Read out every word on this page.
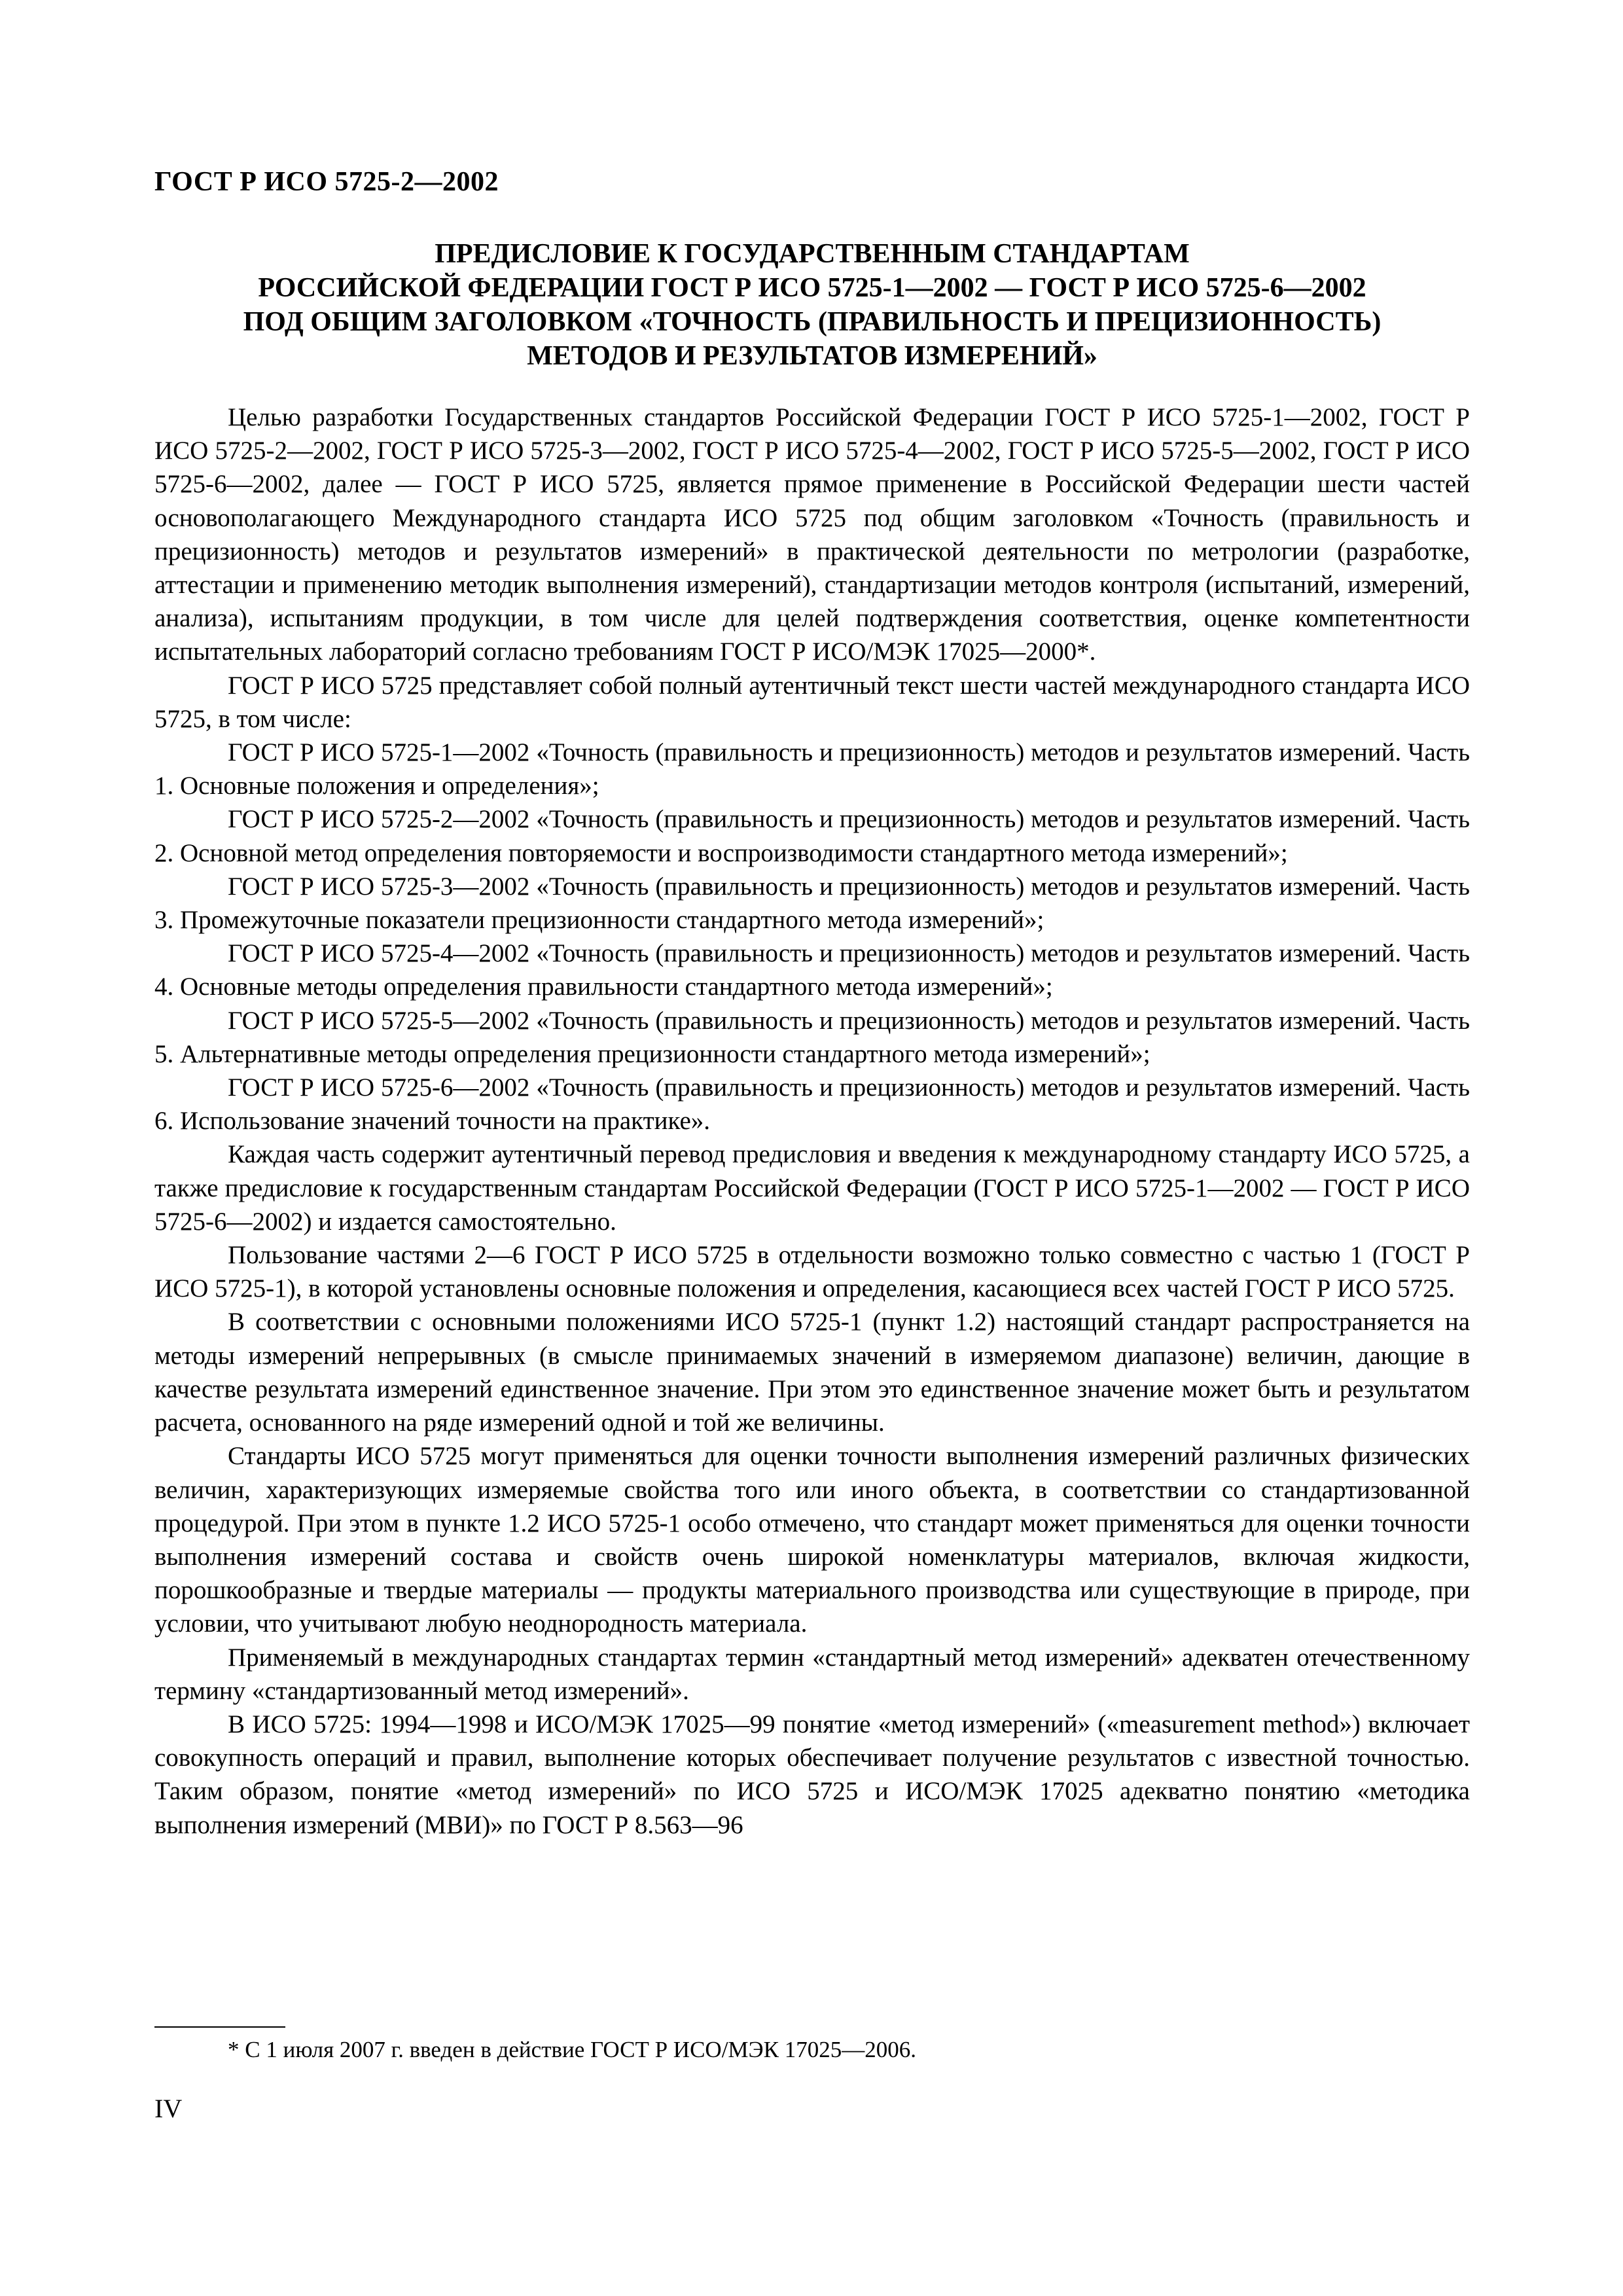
ГОСТ Р ИСО 5725-2—2002

ПРЕДИСЛОВИЕ К ГОСУДАРСТВЕННЫМ СТАНДАРТАМ
РОССИЙСКОЙ ФЕДЕРАЦИИ ГОСТ Р ИСО 5725-1—2002 — ГОСТ Р ИСО 5725-6—2002
ПОД ОБЩИМ ЗАГОЛОВКОМ «ТОЧНОСТЬ (ПРАВИЛЬНОСТЬ И ПРЕЦИЗИОННОСТЬ)
МЕТОДОВ И РЕЗУЛЬТАТОВ ИЗМЕРЕНИЙ»

Целью разработки Государственных стандартов Российской Федерации ГОСТ Р ИСО 5725-1—2002, ГОСТ Р ИСО 5725-2—2002, ГОСТ Р ИСО 5725-3—2002, ГОСТ Р ИСО 5725-4—2002, ГОСТ Р ИСО 5725-5—2002, ГОСТ Р ИСО 5725-6—2002, далее — ГОСТ Р ИСО 5725, является прямое применение в Российской Федерации шести частей основополагающего Международного стандарта ИСО 5725 под общим заголовком «Точность (правильность и прецизионность) методов и результатов измерений» в практической деятельности по метрологии (разработке, аттестации и применению методик выполнения измерений), стандартизации методов контроля (испытаний, измерений, анализа), испытаниям продукции, в том числе для целей подтверждения соответствия, оценке компетентности испытательных лабораторий согласно требованиям ГОСТ Р ИСО/МЭК 17025—2000*.

ГОСТ Р ИСО 5725 представляет собой полный аутентичный текст шести частей международного стандарта ИСО 5725, в том числе:

ГОСТ Р ИСО 5725-1—2002 «Точность (правильность и прецизионность) методов и результатов измерений. Часть 1. Основные положения и определения»;

ГОСТ Р ИСО 5725-2—2002 «Точность (правильность и прецизионность) методов и результатов измерений. Часть 2. Основной метод определения повторяемости и воспроизводимости стандартного метода измерений»;

ГОСТ Р ИСО 5725-3—2002 «Точность (правильность и прецизионность) методов и результатов измерений. Часть 3. Промежуточные показатели прецизионности стандартного метода измерений»;

ГОСТ Р ИСО 5725-4—2002 «Точность (правильность и прецизионность) методов и результатов измерений. Часть 4. Основные методы определения правильности стандартного метода измерений»;

ГОСТ Р ИСО 5725-5—2002 «Точность (правильность и прецизионность) методов и результатов измерений. Часть 5. Альтернативные методы определения прецизионности стандартного метода измерений»;

ГОСТ Р ИСО 5725-6—2002 «Точность (правильность и прецизионность) методов и результатов измерений. Часть 6. Использование значений точности на практике».

Каждая часть содержит аутентичный перевод предисловия и введения к международному стандарту ИСО 5725, а также предисловие к государственным стандартам Российской Федерации (ГОСТ Р ИСО 5725-1—2002 — ГОСТ Р ИСО 5725-6—2002) и издается самостоятельно.

Пользование частями 2—6 ГОСТ Р ИСО 5725 в отдельности возможно только совместно с частью 1 (ГОСТ Р ИСО 5725-1), в которой установлены основные положения и определения, касающиеся всех частей ГОСТ Р ИСО 5725.

В соответствии с основными положениями ИСО 5725-1 (пункт 1.2) настоящий стандарт распространяется на методы измерений непрерывных (в смысле принимаемых значений в измеряемом диапазоне) величин, дающие в качестве результата измерений единственное значение. При этом это единственное значение может быть и результатом расчета, основанного на ряде измерений одной и той же величины.

Стандарты ИСО 5725 могут применяться для оценки точности выполнения измерений различных физических величин, характеризующих измеряемые свойства того или иного объекта, в соответствии со стандартизованной процедурой. При этом в пункте 1.2 ИСО 5725-1 особо отмечено, что стандарт может применяться для оценки точности выполнения измерений состава и свойств очень широкой номенклатуры материалов, включая жидкости, порошкообразные и твердые материалы — продукты материального производства или существующие в природе, при условии, что учитывают любую неоднородность материала.

Применяемый в международных стандартах термин «стандартный метод измерений» адекватен отечественному термину «стандартизованный метод измерений».

В ИСО 5725: 1994—1998 и ИСО/МЭК 17025—99 понятие «метод измерений» («measurement method») включает совокупность операций и правил, выполнение которых обеспечивает получение результатов с известной точностью. Таким образом, понятие «метод измерений» по ИСО 5725 и ИСО/МЭК 17025 адекватно понятию «методика выполнения измерений (МВИ)» по ГОСТ Р 8.563—96

* С 1 июля 2007 г. введен в действие ГОСТ Р ИСО/МЭК 17025—2006.

IV
